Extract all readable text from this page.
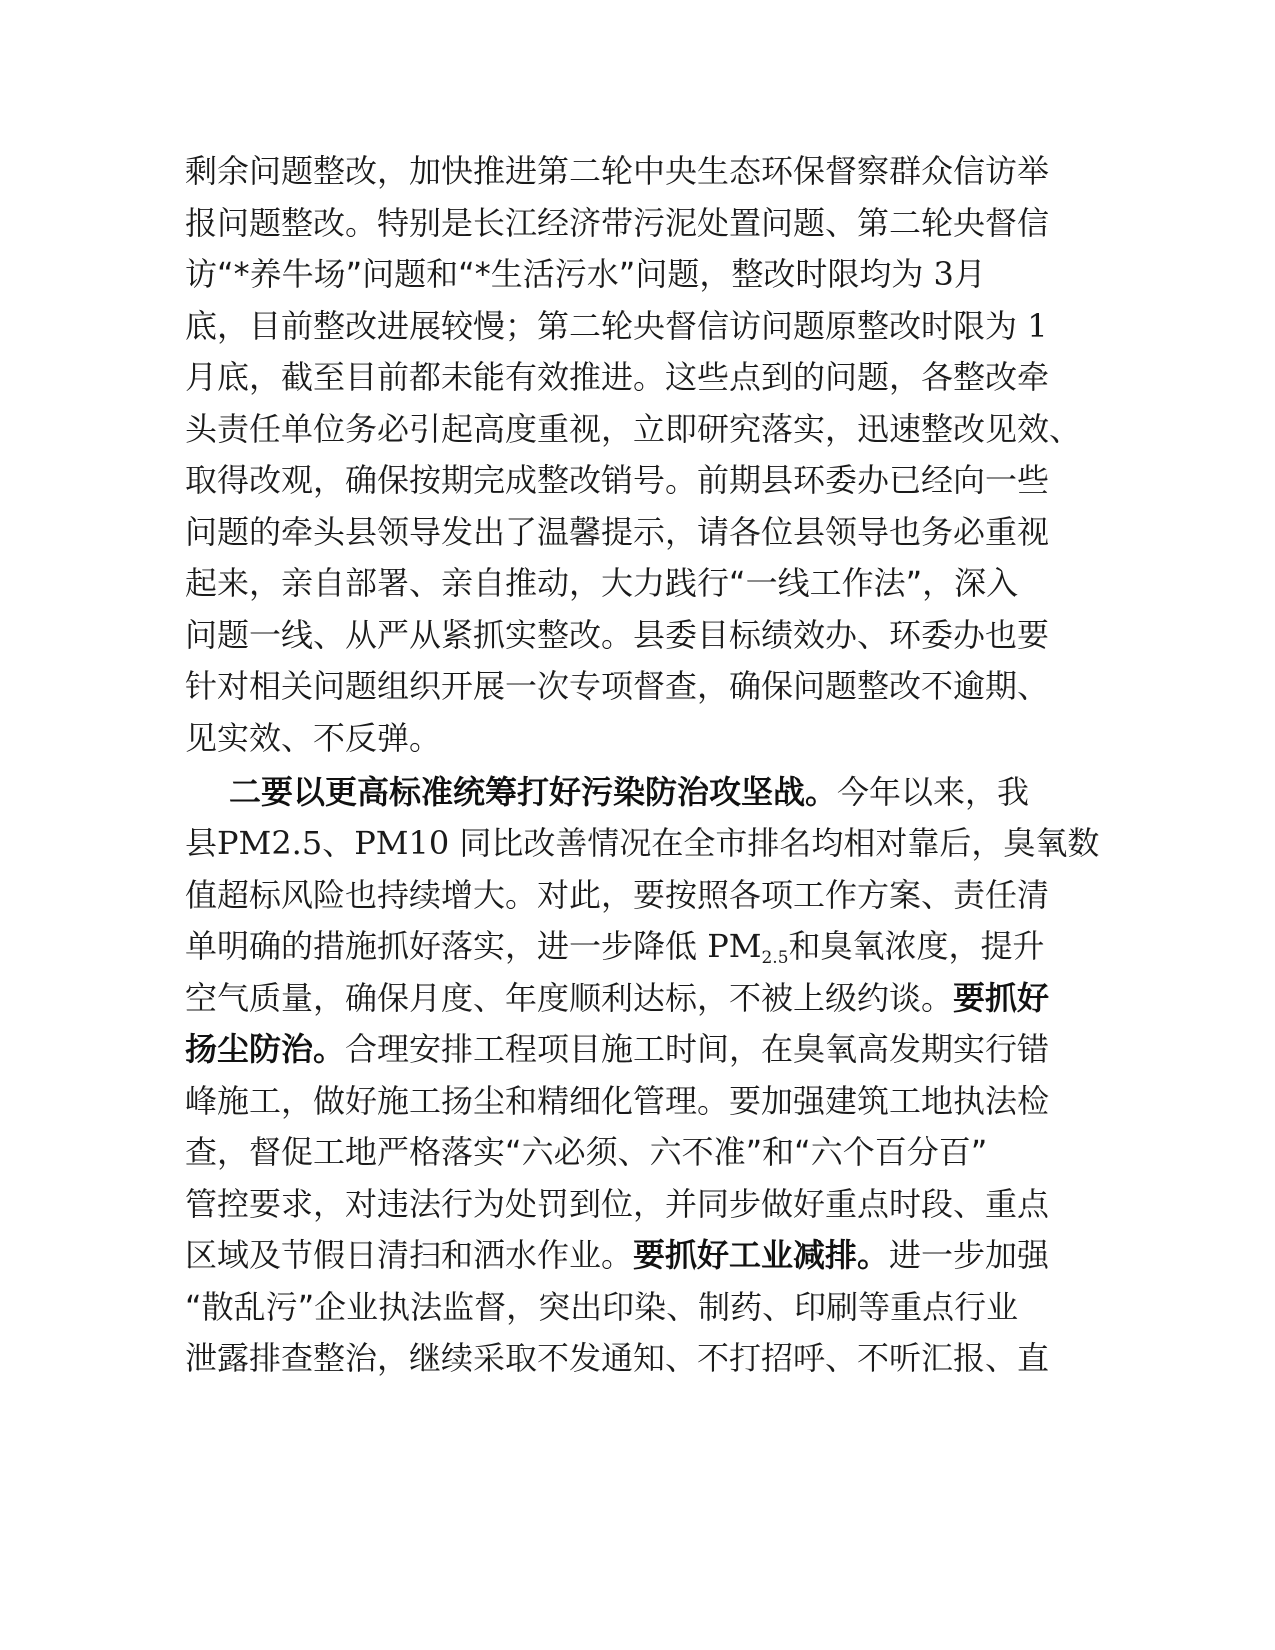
剩余问题整改，加快推进第二轮中央生态环保督察群众信访举
报问题整改。特别是长江经济带污泥处置问题、第二轮央督信
访“*养牛场”问题和“*生活污水”问题，整改时限均为 3月
底，目前整改进展较慢；第二轮央督信访问题原整改时限为 1
月底，截至目前都未能有效推进。这些点到的问题，各整改牵
头责任单位务必引起高度重视，立即研究落实，迅速整改见效、
取得改观，确保按期完成整改销号。前期县环委办已经向一些
问题的牵头县领导发出了温馨提示，请各位县领导也务必重视
起来，亲自部署、亲自推动，大力践行“一线工作法”，深入
问题一线、从严从紧抓实整改。县委目标绩效办、环委办也要
针对相关问题组织开展一次专项督查，确保问题整改不逾期、
见实效、不反弹。
二要以更高标准统筹打好污染防治攻坚战。今年以来，我
县PM2.5、PM10 同比改善情况在全市排名均相对靠后，臭氧数
值超标风险也持续增大。对此，要按照各项工作方案、责任清
单明确的措施抓好落实，进一步降低 $PM_{2.5}$和臭氧浓度，提升
空气质量，确保月度、年度顺利达标，不被上级约谈。要抓好
扬尘防治。合理安排工程项目施工时间，在臭氧高发期实行错
峰施工，做好施工扬尘和精细化管理。要加强建筑工地执法检
查，督促工地严格落实“六必须、六不准”和“六个百分百”
管控要求，对违法行为处罚到位，并同步做好重点时段、重点
区域及节假日清扫和洒水作业。要抓好工业减排。进一步加强
“散乱污”企业执法监督，突出印染、制药、印刷等重点行业
泄露排查整治，继续采取不发通知、不打招呼、不听汇报、直
